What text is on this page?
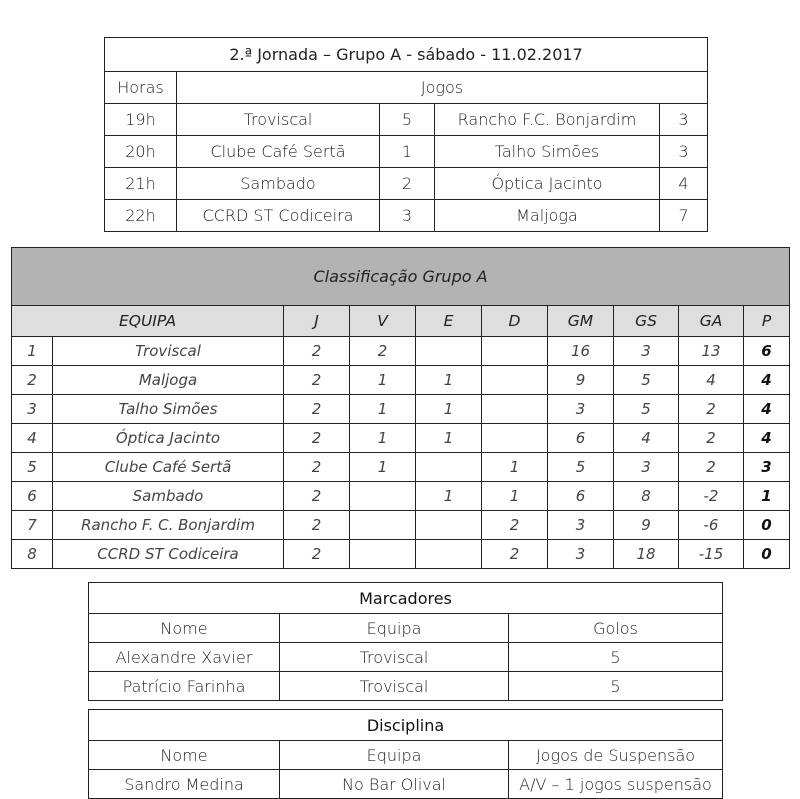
2.ª Jornada – Grupo A - sábado - 11.02.2017				
Horas	Jogos			
19h	Troviscal	5	Rancho F.C. Bonjardim	3
20h	Clube Café Sertã	1	Talho Simões	3
21h	Sambado	2	Óptica Jacinto	4
22h	CCRD ST Codiceira	3	Maljoga	7
Classificação Grupo A									
EQUIPA		J	V	E	D	GM	GS	GA	P
1	Troviscal	2	2			16	3	13	6
2	Maljoga	2	1	1		9	5	4	4
3	Talho Simões	2	1	1		3	5	2	4
4	Óptica Jacinto	2	1	1		6	4	2	4
5	Clube Café Sertã	2	1		1	5	3	2	3
6	Sambado	2		1	1	6	8	-2	1
7	Rancho F. C. Bonjardim	2			2	3	9	-6	0
8	CCRD ST Codiceira	2			2	3	18	-15	0
Marcadores		
Nome	Equipa	Golos
Alexandre Xavier	Troviscal	5
Patrício Farinha	Troviscal	5
Disciplina		
Nome	Equipa	Jogos de Suspensão
Sandro Medina	No Bar Olival	A/V – 1 jogos suspensão
